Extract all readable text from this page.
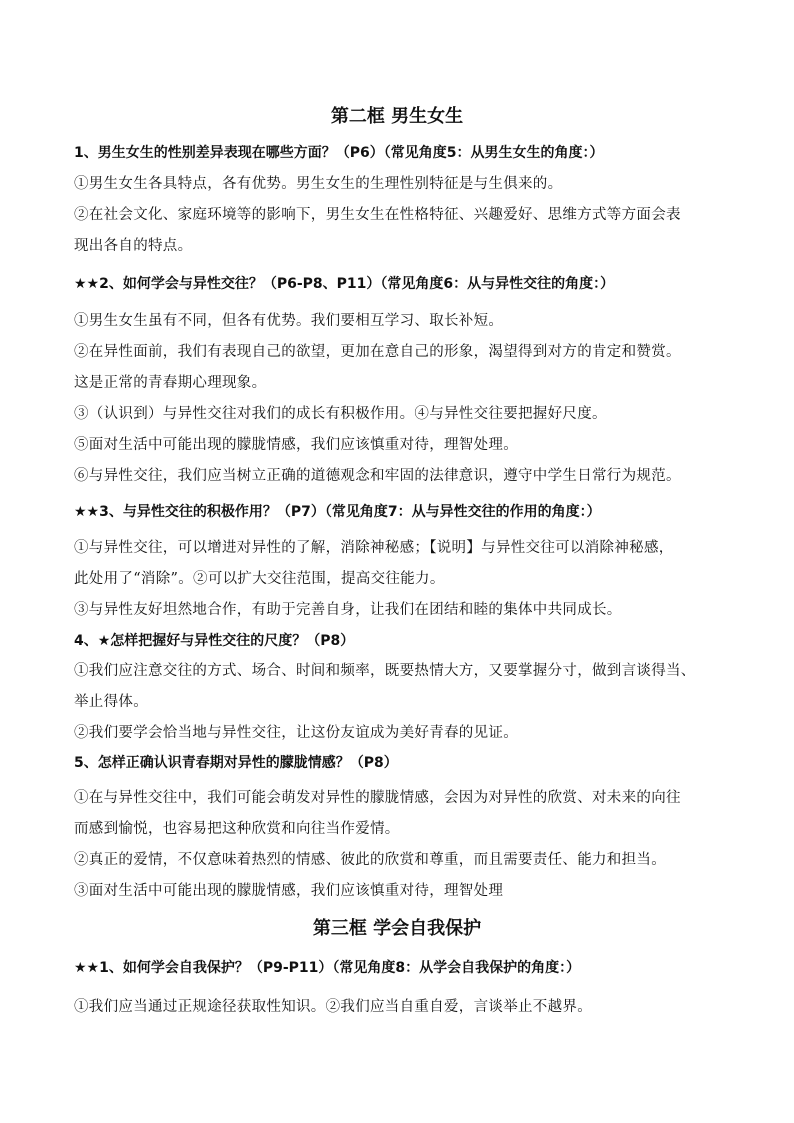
第二框 男生女生
1、男生女生的性别差异表现在哪些方面？（P6）（常见角度5：从男生女生的角度：）
①男生女生各具特点，各有优势。男生女生的生理性别特征是与生俱来的。
②在社会文化、家庭环境等的影响下，男生女生在性格特征、兴趣爱好、思维方式等方面会表
现出各自的特点。
★★2、如何学会与异性交往？（P6-P8、P11）（常见角度6：从与异性交往的角度：）
①男生女生虽有不同，但各有优势。我们要相互学习、取长补短。
②在异性面前，我们有表现自己的欲望，更加在意自己的形象，渴望得到对方的肯定和赞赏。
这是正常的青春期心理现象。
③（认识到）与异性交往对我们的成长有积极作用。④与异性交往要把握好尺度。
⑤面对生活中可能出现的朦胧情感，我们应该慎重对待，理智处理。
⑥与异性交往，我们应当树立正确的道德观念和牢固的法律意识，遵守中学生日常行为规范。
★★3、与异性交往的积极作用？（P7）（常见角度7：从与异性交往的作用的角度：）
①与异性交往，可以增进对异性的了解，消除神秘感；【说明】与异性交往可以消除神秘感，
此处用了“消除”。②可以扩大交往范围，提高交往能力。
③与异性友好坦然地合作，有助于完善自身，让我们在团结和睦的集体中共同成长。
4、★怎样把握好与异性交往的尺度？（P8）
①我们应注意交往的方式、场合、时间和频率，既要热情大方，又要掌握分寸，做到言谈得当、
举止得体。
②我们要学会恰当地与异性交往，让这份友谊成为美好青春的见证。
5、怎样正确认识青春期对异性的朦胧情感？（P8）
①在与异性交往中，我们可能会萌发对异性的朦胧情感，会因为对异性的欣赏、对未来的向往
而感到愉悦，也容易把这种欣赏和向往当作爱情。
②真正的爱情，不仅意味着热烈的情感、彼此的欣赏和尊重，而且需要责任、能力和担当。
③面对生活中可能出现的朦胧情感，我们应该慎重对待，理智处理
第三框 学会自我保护
★★1、如何学会自我保护？（P9-P11）（常见角度8：从学会自我保护的角度：）
①我们应当通过正规途径获取性知识。②我们应当自重自爱，言谈举止不越界。
